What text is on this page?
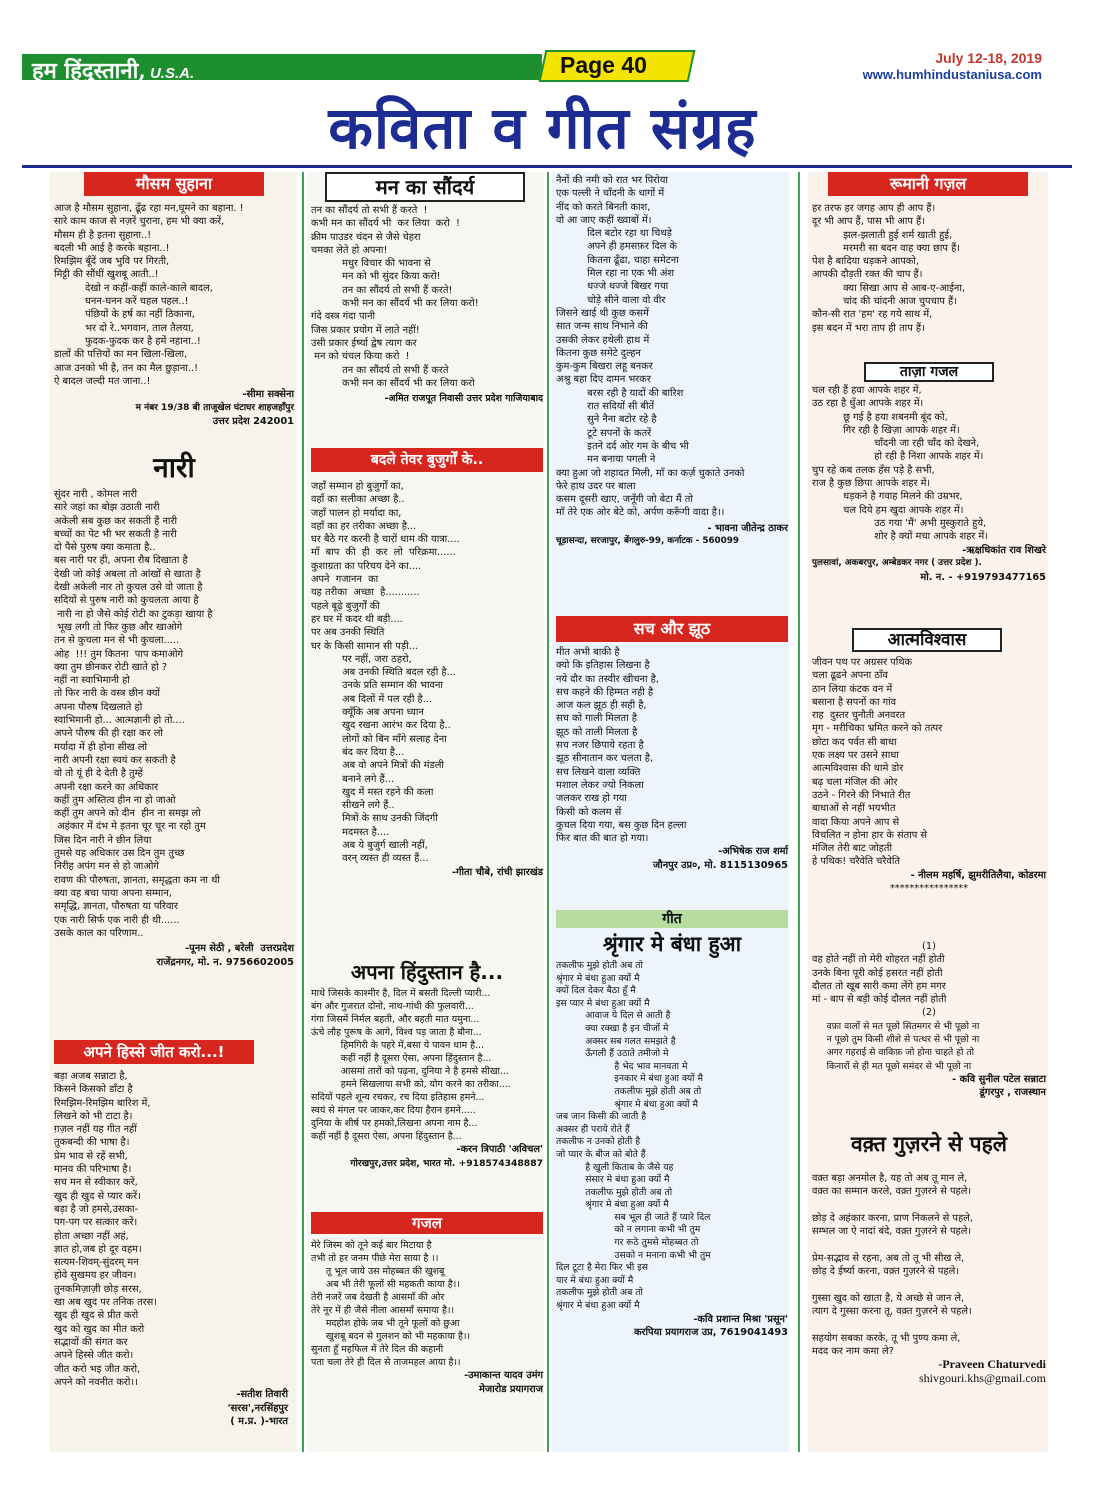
हम हिंदुस्तानी, U.S.A.	Page 40	July 12-18, 2019
www.humhindustaniusa.com
कविता व गीत संग्रह
मौसम सुहाना
आज है मौसम सुहाना, ढूँढ रहा मन,घूमने का बहाना. !
सारे काम काज से नज़रें चुराना, हम भी क्या करें,
मौसम ही है इतना सुहाना..!
बदली भी आई है करके बहाना..!
रिमझिम बूँदें जब भुवि पर गिरती,
मिट्टी की सौंधीं खुशबू आती..!
देखो न कहीं-कहीं काले-काले बादल,
घनन-घनन करें चहल पहल..!
पंछियों के हर्ष का नहीं ठिकाना,
भर दो रे..भगवान, ताल तैलया,
फुदक-फुदक कर है हमें नहाना..!
डालों की पत्तियों का मन खिला-खिला,
आज उनको भी है, तन का मैल छुड़ाना..!
ऐ बादल जल्दी मत जाना..!
-सीमा सक्सेना
म नंबर 19/38 बी ताजूखेल घंटाघर शाहजहाँपुर
उत्तर प्रदेश 242001
नारी
सुंदर नारी , कोमल नारी
सारे जहां का बोझ उठाती नारी
अकेली सब कुछ कर सकती हैं नारी
बच्चों का पेट भी भर सकती है नारी
दो पैसे पुरुष क्या कमाता है..
बस नारी पर ही, अपना रौब दिखाता है
देखी जो कोई अबला तो आंखों से खाता है
देखी अकेली नार तो कुचल उसे वो जाता है
सदियों से पुरुष नारी को कुचलता आया है
नारी ना हो जैसे कोई रोटी का टुकड़ा खाया है
भूख लगी तो फिर कुछ और खाओगे
तन से कुचला मन से भी कुचला.....
ओह  !!! तुम कितना  पाप कमाओगे
क्या तुम छीनकर रोटी खाते हो ?
नहीं ना स्वाभिमानी हो
तो फिर नारी के वस्त्र छीन क्यों
अपना पौरुष दिखलाते हो
स्वाभिमानी हो... आत्मज्ञानी हो तो....
अपने पौरुष की ही रक्षा कर लो
मर्यादा में ही होना सीख लो
नारी अपनी रक्षा स्वयं कर सकती है
वो तो यूं ही दे देती है तुम्हें
अपनी रक्षा करने का अधिकार
कहीं तुम अस्तित्व हीन ना हो जाओ
कहीं तुम अपने को दीन  हीन ना समझ लो
अहंकार में दंभ मे इतना चूर चूर ना रहो तुम
जिस दिन नारी ने छीन लिया
तुमसे यह अधिकार उस दिन तुम तुच्छ
निरीह अपंग मन से हो जाओगे
रावण की पौरुषता, ज्ञानता, समृद्धता कम ना थी
क्या वह बचा पाया अपना सम्मान,
समृद्धि, ज्ञानता, पौरुषता या परिवार
एक नारी सिर्फ एक नारी ही थी......
उसके काल का परिणाम..
-पूनम सेठी , बरेली  उत्तरप्रदेश
राजेंद्रनगर, मो. न. 9756602005
अपने हिस्से जीत करो...!
बड़ा अजब सन्नाटा है,
किसने किसको डाँटा है
रिमझिम-रिमझिम बारिश में,
लिखने को भी टाटा है।
ग़ज़ल नहीं यह गीत नहीं
तुकबन्दी की भाषा है।
प्रेम भाव से रहें सभी,
मानव की परिभाषा है।
सच मन से स्वीकार करें,
खुद ही खुद से प्यार करें।
बड़ा है जो हमसे,उसका-
पग-पग पर सत्कार करें।
होता अच्छा नहीं अहं,
ज्ञात हो,जब हो दूर वहम।
सत्यम-शिवम्-सुंदरम् मन
होवे सुखमय हर जीवन।
तुनकमिज़ाज़ी छोड़ सरस,
खा अब खुद पर तनिक तरस।
खुद ही खुद से प्रीत करो
खुद को खुद का मीत करो
सद्भावों की संगत कर
अपने हिस्से जीत करो।
जीत करो भइ जीत करो,
अपने को नवनीत करो।।
-सतीश तिवारी
'सरस',नरसिंहपुर
( म.प्र. )-भारत
मन का सौंदर्य
तन का सौंदर्य तो सभी हैं करते  !
कभी मन का सौंदर्य भी  कर लिया  करो  !
क्रीम पाउडर चंदन से जैसे चेहरा
चमका लेते हो अपना!
मधुर विचार की भावना से
मन को भी सुंदर किया करो!
तन का सौंदर्य तो सभी हैं करते!
कभी मन का सौंदर्य भी कर लिया करो!
गंदे वस्त्र गंदा पानी
जिस प्रकार प्रयोग में लाते नहीं!
उसी प्रकार ईर्ष्या द्वेष त्याग कर
मन को चंचल किया करो  !
तन का सौंदर्य तो सभी हैं करते
कभी मन का सौंदर्य भी कर लिया करो
-अमित राजपूत निवासी उत्तर प्रदेश गाजियाबाद
बदले तेवर बुजुर्गों के..
जहाँ सम्मान हो बुजुर्गों का,
वहाँ का सलीका अच्छा है..
जहाँ पालन हो मर्यादा का,
वहाँ का हर तरीका अच्छा है...
घर बैठे गर करनी है चारों धाम की यात्रा....
माँ  बाप  की  ही  कर  लो  परिक्रमा......
कुशाग्रता का परिचय देने का....
अपने  गजानन  का
यह तरीका  अच्छा  है...........
पहले बूढ़े बुजुर्गों की
हर घर में कदर थी बड़ी....
पर अब उनकी स्थिति
घर के किसी सामान सी पड़ी...
पर नहीं, जरा ठहरो,
अब उनकी स्थिति बदल रही है...
उनके प्रति सम्मान की भावना
अब दिलों में पल रही है...
क्यूँकि अब अपना ध्यान
खुद रखना आरंभ कर दिया है..
लोगों को बिन माँगे सलाह देना
बंद कर दिया है...
अब वो अपने मित्रों की मंडली
बनाने लगे हैं...
खुद में मस्त रहने की कला
सीखने लगे हैं..
मित्रों के साथ उनकी जिंदगी
मदमस्त है....
अब ये बुजुर्ग खाली नहीं,
वरन् व्यस्त ही व्यस्त हैं...
-गीता चौबे, रांची झारखंड
अपना हिंदुस्तान है...
माथे जिसके काश्मीर है, दिल में बसती दिल्ली प्यारी...
बंग और गुजरात दोनो, नाथ-गांधी की फुलवारी...
गंगा जिसमें निर्मल बहती, और बहती मात यमुना...
ऊंचे लौह पुरूष के आगे, विश्व पड़ जाता है बौना...
हिमगिरी के पहरे में,बसा ये पावन धाम है...
कहीं नहीं है दूसरा ऐसा, अपना हिंदुस्तान है...
आसमां तारों को पढ़ना, दुनिया ने है हमसे सीखा...
हमने सिखलाया सभी को, योग करने का तरीका....
सदियों पहले शून्य रचकर, रच दिया इतिहास हमने...
स्वयं से मंगल पर जाकर,कर दिया हैरान हमने.....
दुनिया के शीर्ष पर हमको,लिखना अपना नाम है...
कहीं नहीं है दूसरा ऐसा, अपना हिंदुस्तान है...
-करन त्रिपाठी 'अविचल'
गोरखपुर,उत्तर प्रदेश, भारत मो. +918574348887
गजल
मेरे जिस्म को तूने कई बार मिटाया है
तभी तो हर जनम पीछे मेरा साया है ।।
तू भूल जाये उस मोहब्बत की खुशबू
अब भी तेरी फूलों सी महकती काया है।।
तेरी नजरें जब देखती है आसमाँ की ओर
तेरे नूर में ही जैसे नीला आसमाँ समाया है।।
मदहोश होके जब भी तूने फूलों को छुआ
खुशबू बदन से गुलशन को भी महकाया है।।
सुनता हूँ महफिल में तेरे दिल की कहानी
पता चला तेरे ही दिल से ताजमहल आया है।।
-उमाकान्त यादव उमंग
मेजारोड प्रयागराज
नैनों की नमी को रात भर पिरोया
एक पल्ली ने चाँदनी के धागों में
नींद को करते बिनती काश,
वो आ जाए कहीं ख्वाबों में।
दिल बटोर रहा था चिथड़े
अपने ही हमसफ़र दिल के
कितना ढूँढा, चाहा समेटना
मिल रहा ना एक भी अंश
धज्जे धज्जे बिखर गया
चोड़े सीने वाला वो वीर
जिसने खाई थी कुछ कसमें
सात जन्म साथ निभाने की
उसकी लेकर हथेली हाथ में
कितना कुछ समेटे दुल्हन
कुम-कुम बिखरा लहू बनकर
अश्रु बहा दिए दामन भरकर
बरस रही है यादों की बारिश
रात सदियों सी बीतें
सुने नैना बटोर रहे है
टूटे सपनों के कतरें
इतने दर्द ओर गम के बीच भी
मन बनाया पगली ने
क्या हुआ जो शहादत मिली, माँ का कर्ज़ चुकाते उनको
फेरे हाथ उदर पर बाला
कसम दूसरी खाए, जनूँगी जो बेटा मैं तो
माँ तेरे एक ओर बेटे को, अर्पण करूँगी वादा है।।
- भावना जीतेन्द्र ठाकर
चूड़ासन्दा, सरजापुर, बेंगलुरु-99, कर्नाटक - 560099
सच और झूठ
मीत अभी बाकी है
क्यो कि इतिहास लिखना है
नये दौर का तस्वीर खीचना है,
सच कहने की हिम्मत नही है
आज कल झूठ ही सही है,
सच को गाली मिलता है
झूठ को ताली मिलता है
सच नजर छिपाये रहता है
झूठ सीनातान कर चलता है,
सच लिखने वाला व्यक्ति
मशाल लेकर ज्यो निकला
जलकर राख हो गया
किसी को कलम सें
कुचल दिया गया, बस कुछ दिन हल्ला
फिर बात की बात हो गया।
-अभिषेक राज शर्मा
जौनपुर उप्र०, मो. 8115130965
गीत
श्रृंगार मे बंधा हुआ
तकलीफ मुझे होती अब तो
श्रृंगार मे बंधा हुआ क्यों मै
क्यों दिल देकर बैठा हूँ मै
इस प्यार मे बंधा हुआ क्यों मै
आवाज ये दिल से आती है
क्या रक्खा है इन चीजों मे
अक्सर सब गलत समझते है
ऊँगली हैं उठाते तमीजो मे
है भेद भाव मानवता मे
इनकार मे बंधा हुआ क्यों मै
तकलीफ मुझे होती अब तो
श्रृंगार मे बंधा हुआ क्यों मै
जब जान किसी की जाती है
अक्सर ही पराये रोते हैं
तकलीफ न उनको होती है
जो प्यार के बीज को बोते हैं
है खुली किताब के जैसे यह
संसार मे बंधा हुआ क्यों मै
तकलीफ मुझे होती अब तो
श्रृंगार मे बंधा हुआ क्यों मै
सब भूल ही जाते हैं प्यारे दिल
को न लगाना कभी भी तुम
गर रूठे तुमसे मोहब्बत तो
उसको न मनाना कभी भी तुम
दिल टूटा है मेरा फिर भी इस
यार मे बंधा हुआ क्यों मै
तकलीफ मुझे होती अब तो
श्रृंगार मे बंधा हुआ क्यों मै
-कवि प्रशान्त मिश्रा 'प्रसून'
करपिया प्रयागराज उप्र, 7619041493
रूमानी गज़ल
हर तरफ हर जगह आप ही आप हैं।
दूर भी आप हैं, पास भी आप हैं।
झल-झलाती हुई शर्म खाती हुई,
मरमरी सा बदन वाह क्या छाप हैं।
पेश है बादिया धड़कने आपको,
आपकी दौड़ती रक्त की चाप हैं।
क्या सिखा आप से आब-ए-आईना,
चांद की चांदनी आज चुपचाप हैं।
कौन-सी रात 'हम' रह गये साथ में,
इस बदन में भरा ताप ही ताप हैं।
ताज़ा गजल
चल रही हैं हवा आपके शहर में,
उठ रहा है धुँआ आपके शहर में।
छू गई है हया शबनमी बूंद को,
गिर रही है खिज़ा आपके शहर में।
चाँदनी जा रही चाँद को देखने,
हो रही है निशा आपके शहर में।
चुप रहे कब तलक हँस पड़े है सभी,
राज है कुछ छिपा आपके शहर में।
धड़कने है गवाह मिलने की उम्रभर,
चल दिये हम खुदा आपके शहर में।
उठ गया 'मैं' अभी मुस्कुराते हुये,
शोर है क्यों मचा आपके शहर में।
-ऋक्षधिकांत राव शिखरे
पुलसावां, अकबरपुर, अम्बेडकर नगर ( उत्तर प्रदेश ).
मो. न. - +919793477165
आत्मविश्वास
जीवन पथ पर अग्रसर पथिक
चला ढूढने अपना ठाँव
ठान लिया कंटक वन में
बसाना है सपनों का गांव
राह  दुस्तर चुनौती अनवरत
मृग - मरीचिका भ्रमित करने को तत्पर
छोटा कद पर्वत सी बाधा
एक लक्ष्य पर उसने साधा
आत्मविश्वास की थामे डोर
बढ़ चला मंजिल की ओर
उठने - गिरने की निभाते रीत
बाधाओं से नहीं भयभीत
वादा किया अपने आप से
विचलित न होना हार के संताप से
मंजिल तेरी बाट जोहती
हे पथिक! चरैवेति चरैवेति
- नीलम महर्षि, झुमरीतिलैया, कोडरमा
****************
(1)
वह होते नहीं तो मेरी शोहरत नहीं होती
उनके बिना पूरी कोई हसरत नहीं होती
दौलत तो खूब सारी कमा लेंगे हम मगर
मां - बाप से बड़ी कोई दौलत नहीं होती
(2)
वफ़ा वालों से मत पूछो सितमगर से भी पूछो ना
न पूछो तुम किसी शीशे से पत्थर से भी पूछो ना
अगर गहराई से वाकिफ़ जो होना चाहते हो तो
किनारों से ही मत पूछो समंदर से भी पूछो ना
- कवि सुनील पटेल सन्नाटा
डूंगरपुर , राजस्थान
वक़्त गुज़रने से पहले
वक़्त बड़ा अनमोल है, यह तो अब तू मान ले,
वक़्त का सम्मान करले, वक़्त गुज़रने से पहले।

छोड़ दे अहंकार करना, प्राण निकलने से पहले,
सम्भल जा ऐ नादां बंदे, वक़्त गुज़रने से पहले।

प्रेम-सद्भाव से रहना, अब तो तू भी सीख ले,
छोड़ दे ईर्ष्या करना, वक़्त गुज़रने से पहले।

गुस्सा खुद को खाता है, ये अच्छे से जान ले,
त्याग दे गुस्सा करना तू, वक़्त गुज़रने से पहले।

सहयोग सबका करके, तू भी पुण्य कमा ले,
मदद कर नाम कमा ले?
-Praveen Chaturvedi
shivgouri.khs@gmail.com
